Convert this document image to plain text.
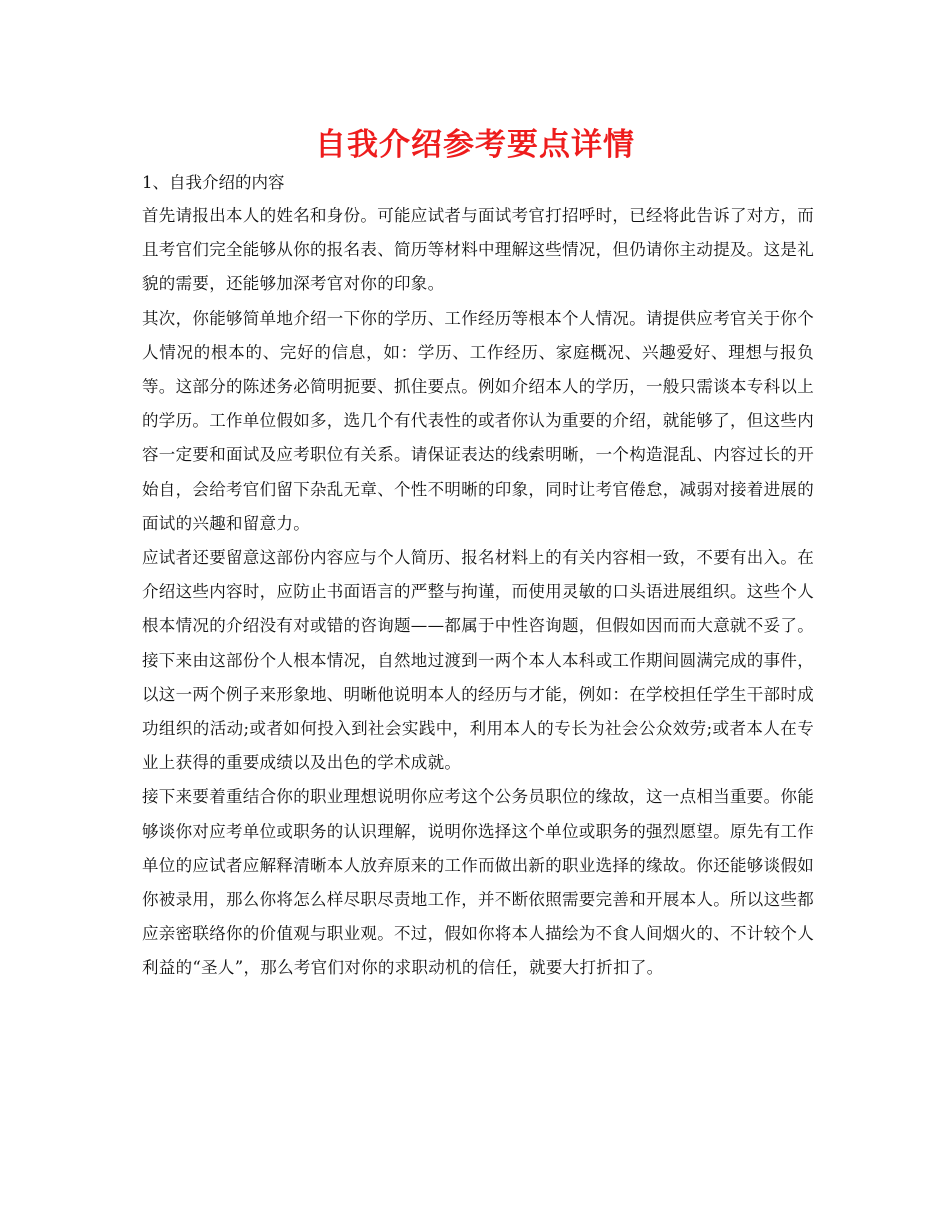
自我介绍参考要点详情

1、自我介绍的内容

首先请报出本人的姓名和身份。可能应试者与面试考官打招呼时，已经将此告诉了对方，而且考官们完全能够从你的报名表、简历等材料中理解这些情况，但仍请你主动提及。这是礼貌的需要，还能够加深考官对你的印象。

其次，你能够简单地介绍一下你的学历、工作经历等根本个人情况。请提供应考官关于你个人情况的根本的、完好的信息，如：学历、工作经历、家庭概况、兴趣爱好、理想与报负等。这部分的陈述务必简明扼要、抓住要点。例如介绍本人的学历，一般只需谈本专科以上的学历。工作单位假如多，选几个有代表性的或者你认为重要的介绍，就能够了，但这些内容一定要和面试及应考职位有关系。请保证表达的线索明晰，一个构造混乱、内容过长的开始自，会给考官们留下杂乱无章、个性不明晰的印象，同时让考官倦怠，减弱对接着进展的面试的兴趣和留意力。

应试者还要留意这部份内容应与个人简历、报名材料上的有关内容相一致，不要有出入。在介绍这些内容时，应防止书面语言的严整与拘谨，而使用灵敏的口头语进展组织。这些个人根本情况的介绍没有对或错的咨询题——都属于中性咨询题，但假如因而而大意就不妥了。

接下来由这部份个人根本情况，自然地过渡到一两个本人本科或工作期间圆满完成的事件，以这一两个例子来形象地、明晰他说明本人的经历与才能，例如：在学校担任学生干部时成功组织的活动;或者如何投入到社会实践中，利用本人的专长为社会公众效劳;或者本人在专业上获得的重要成绩以及出色的学术成就。

接下来要着重结合你的职业理想说明你应考这个公务员职位的缘故，这一点相当重要。你能够谈你对应考单位或职务的认识理解，说明你选择这个单位或职务的强烈愿望。原先有工作单位的应试者应解释清晰本人放弃原来的工作而做出新的职业选择的缘故。你还能够谈假如你被录用，那么你将怎么样尽职尽责地工作，并不断依照需要完善和开展本人。所以这些都应亲密联络你的价值观与职业观。不过，假如你将本人描绘为不食人间烟火的、不计较个人利益的“圣人”，那么考官们对你的求职动机的信任，就要大打折扣了。
